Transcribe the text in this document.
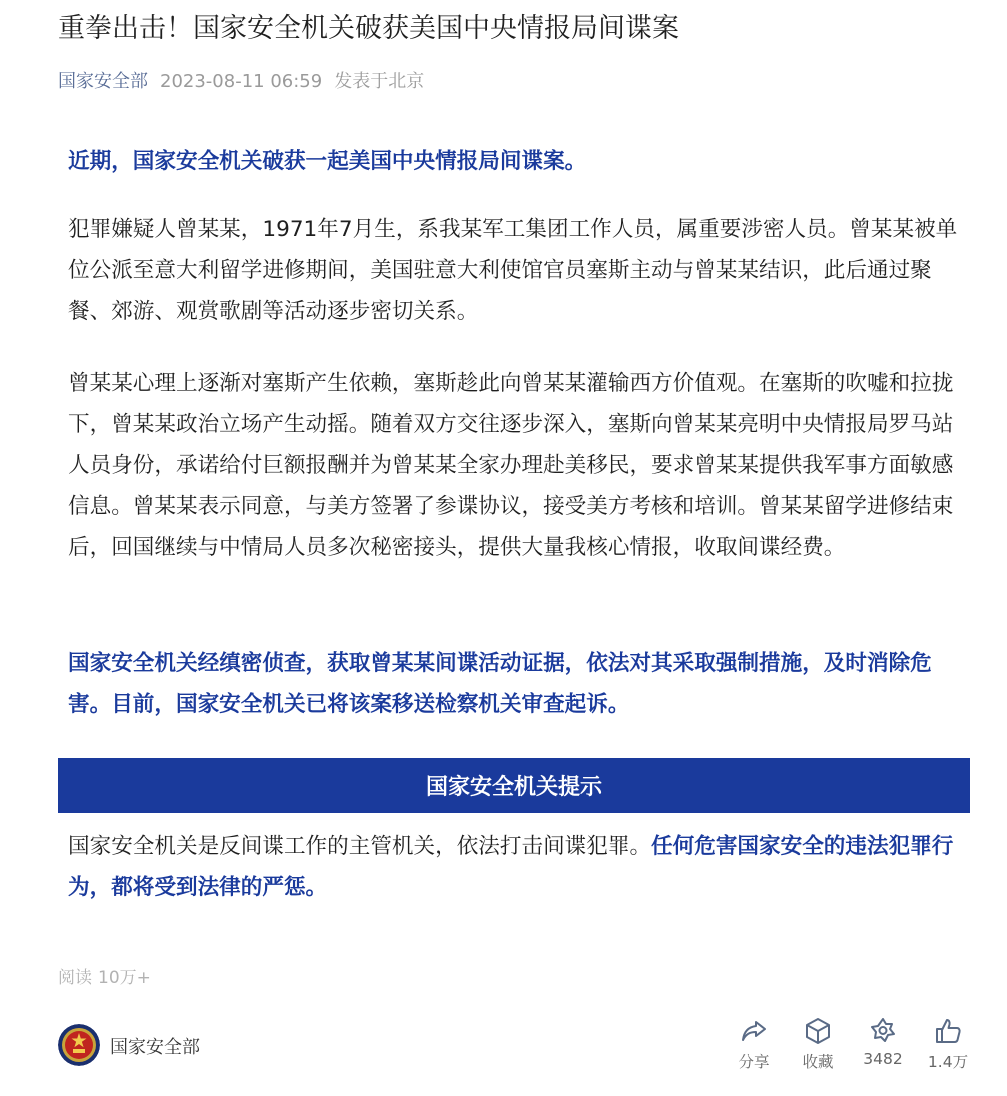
重拳出击！国家安全机关破获美国中央情报局间谍案
国家安全部 2023-08-11 06:59 发表于北京

近期，国家安全机关破获一起美国中央情报局间谍案。

犯罪嫌疑人曾某某，1971年7月生，系我某军工集团工作人员，属重要涉密人员。曾某某被单位公派至意大利留学进修期间，美国驻意大利使馆官员塞斯主动与曾某某结识，此后通过聚餐、郊游、观赏歌剧等活动逐步密切关系。

曾某某心理上逐渐对塞斯产生依赖，塞斯趁此向曾某某灌输西方价值观。在塞斯的吹嘘和拉拢下，曾某某政治立场产生动摇。随着双方交往逐步深入，塞斯向曾某某亮明中央情报局罗马站人员身份，承诺给付巨额报酬并为曾某某全家办理赴美移民，要求曾某某提供我军事方面敏感信息。曾某某表示同意，与美方签署了参谍协议，接受美方考核和培训。曾某某留学进修结束后，回国继续与中情局人员多次秘密接头，提供大量我核心情报，收取间谍经费。

国家安全机关经缜密侦查，获取曾某某间谍活动证据，依法对其采取强制措施，及时消除危害。目前，国家安全机关已将该案移送检察机关审查起诉。

国家安全机关提示

国家安全机关是反间谍工作的主管机关，依法打击间谍犯罪。任何危害国家安全的违法犯罪行为，都将受到法律的严惩。

阅读 10万+
国家安全部
分享	收藏	3482	1.4万
